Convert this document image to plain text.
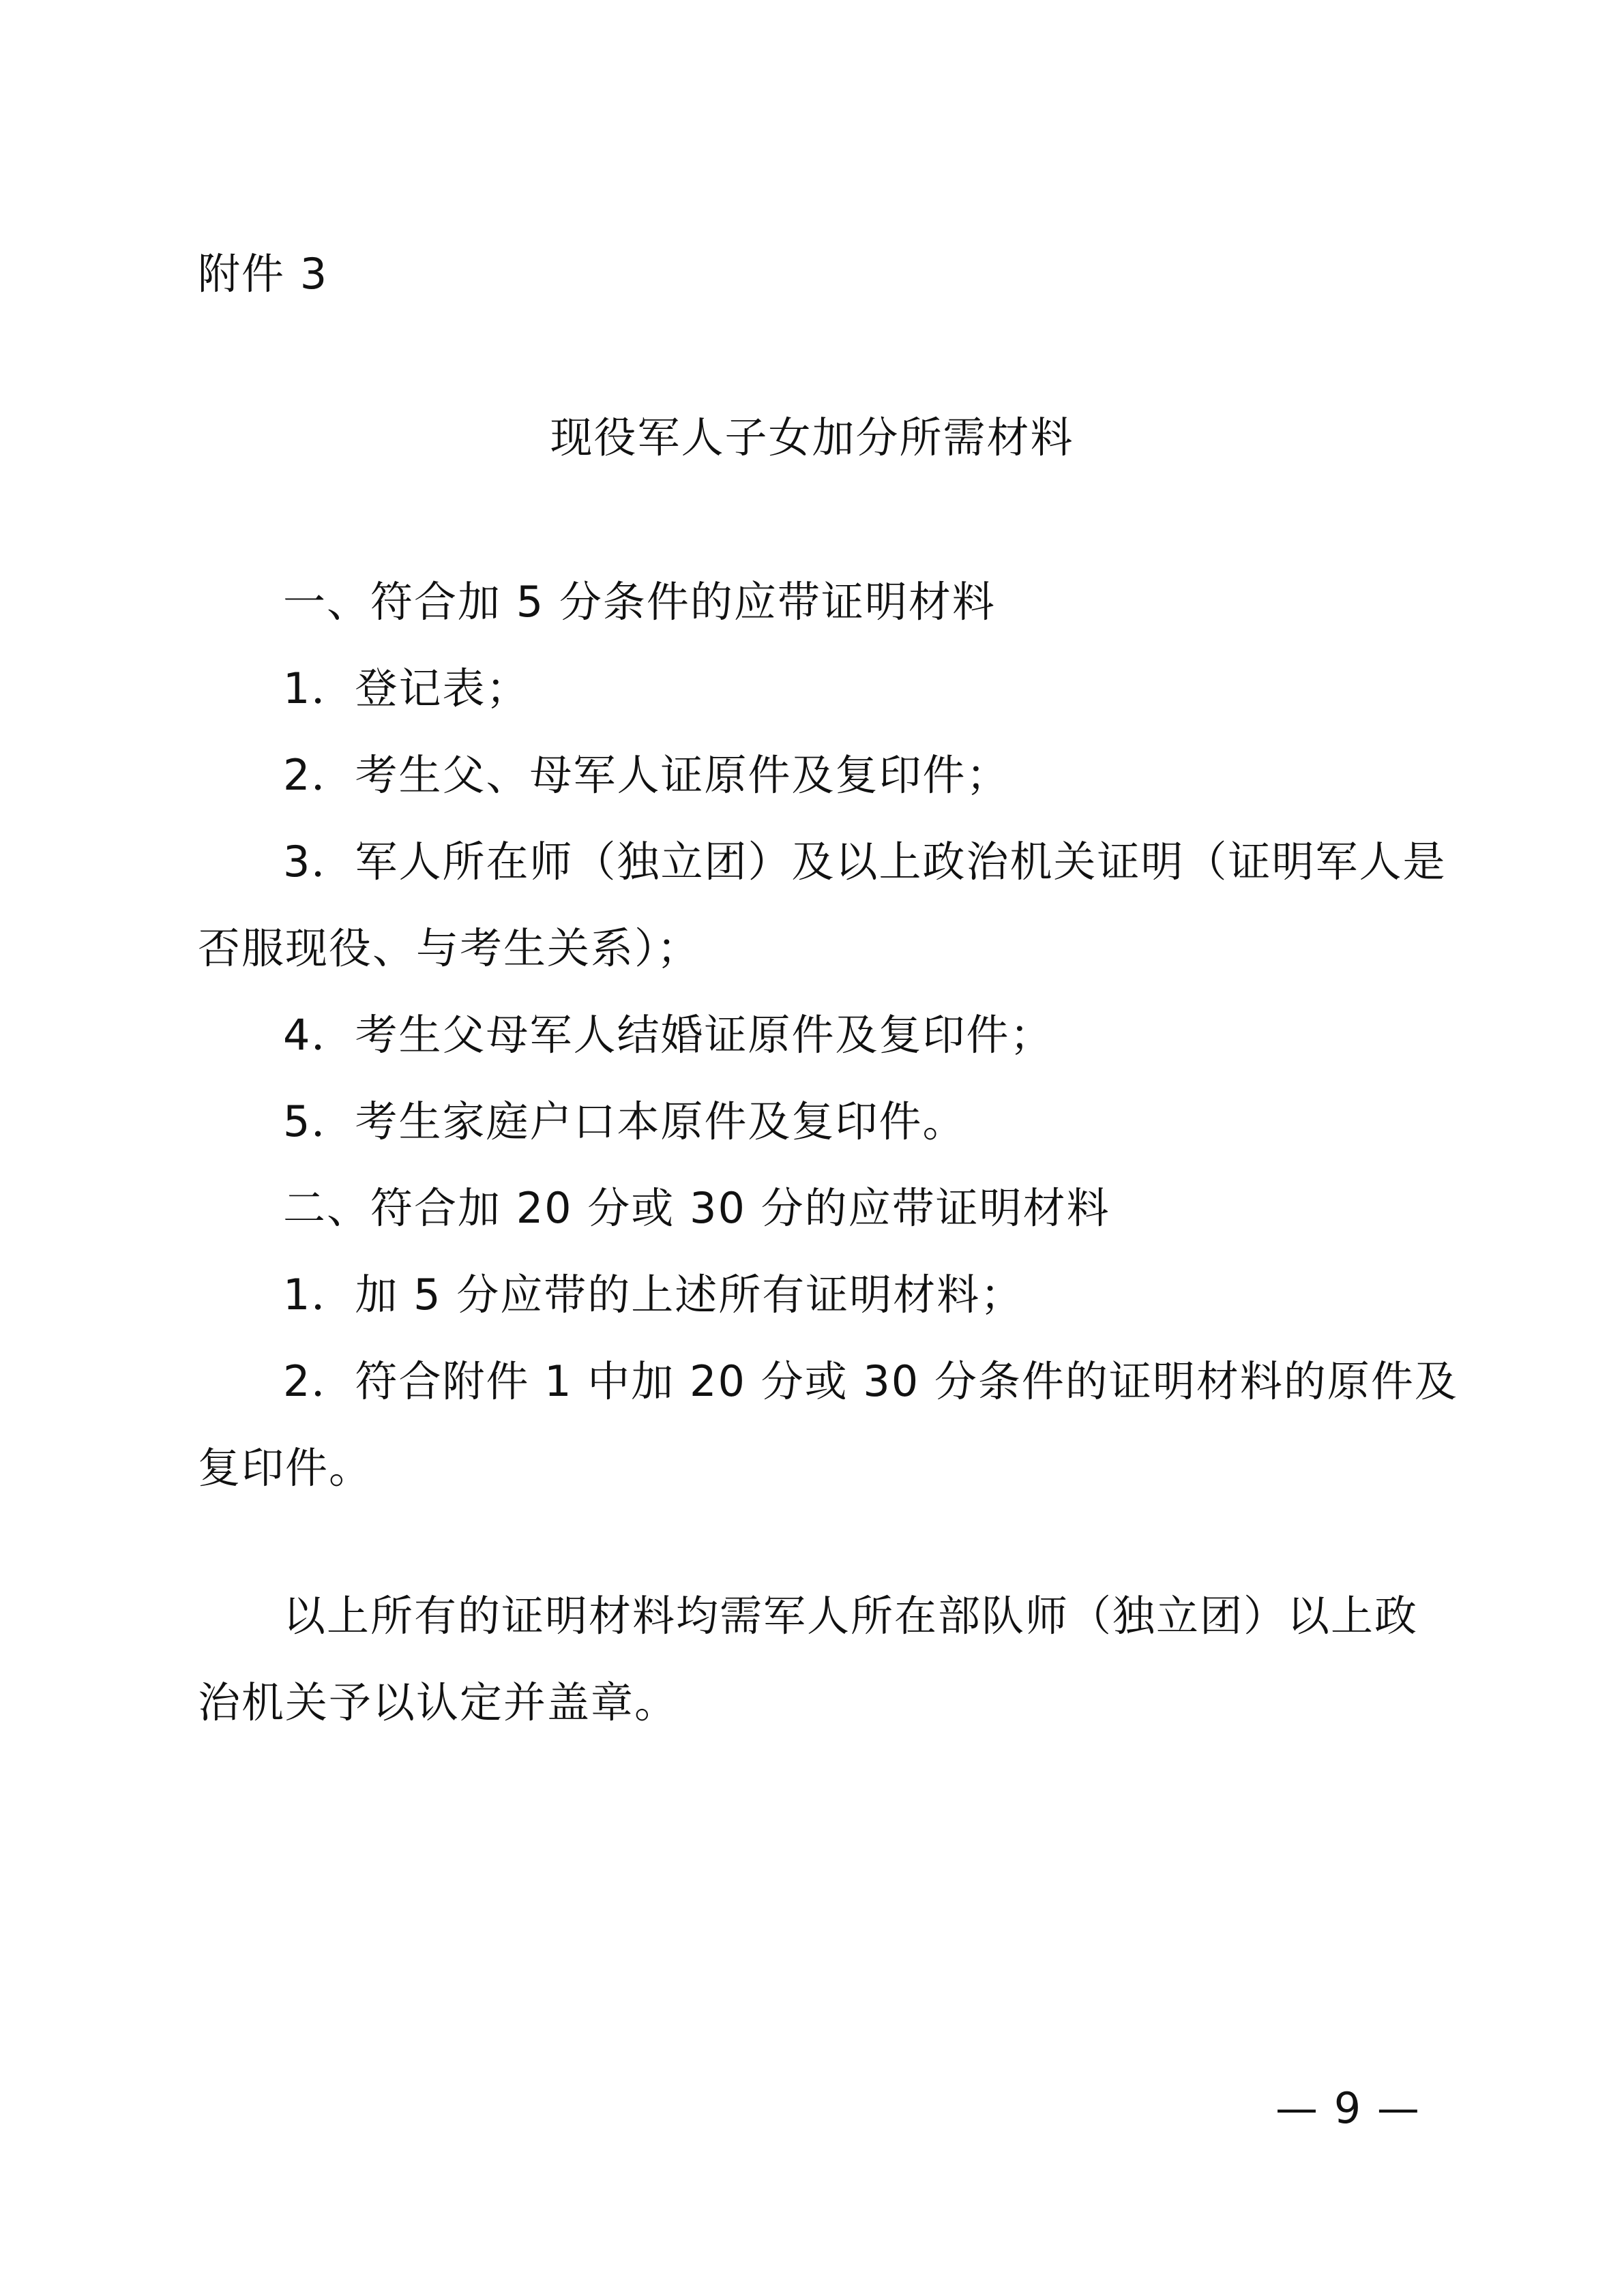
附件 3
现役军人子女加分所需材料
一、符合加 5 分条件的应带证明材料
1．登记表；
2．考生父、母军人证原件及复印件；
3．军人所在师（独立团）及以上政治机关证明（证明军人是
否服现役、与考生关系）；
4．考生父母军人结婚证原件及复印件；
5．考生家庭户口本原件及复印件。
二、符合加 20 分或 30 分的应带证明材料
1．加 5 分应带的上述所有证明材料；
2．符合附件 1 中加 20 分或 30 分条件的证明材料的原件及
复印件。
以上所有的证明材料均需军人所在部队师（独立团）以上政
治机关予以认定并盖章。
— 9 —
